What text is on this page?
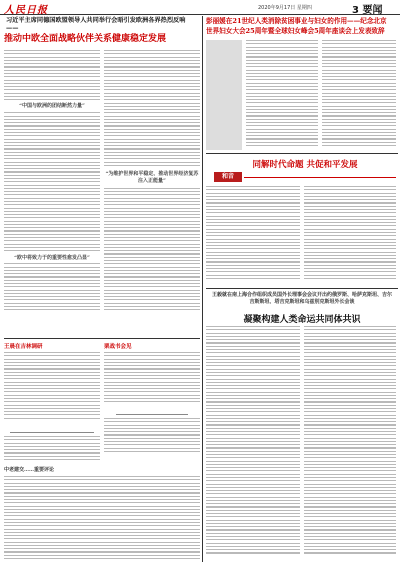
人民日报	2020年9月17日 星期四	3 要闻
习近平主席同德国欧盟领导人共同举行会晤引发欧洲各界热烈反响——
推动中欧全面战略伙伴关系健康稳定发展
“中国与欧洲的团结断然力量”
“欧中将致力于的重要性愈发凸显”
“为维护世界和平稳定、推动世界经济复苏注入正能量”
王晨在吉林调研	栗战书会见
中老建交……重要评论
彭丽媛在21世纪人类消除贫困事业与妇女的作用——纪念北京
世界妇女大会25周年暨全球妇女峰会5周年座谈会上发表致辞
同解时代命题 共促和平发展
和音
王毅就在南上海合作组织成员国外长理事会会议开出约俄罗斯、哈萨克斯坦、吉尔吉斯斯坦、塔吉克斯坦和乌兹别克斯坦外长会谈
凝聚构建人类命运共同体共识
